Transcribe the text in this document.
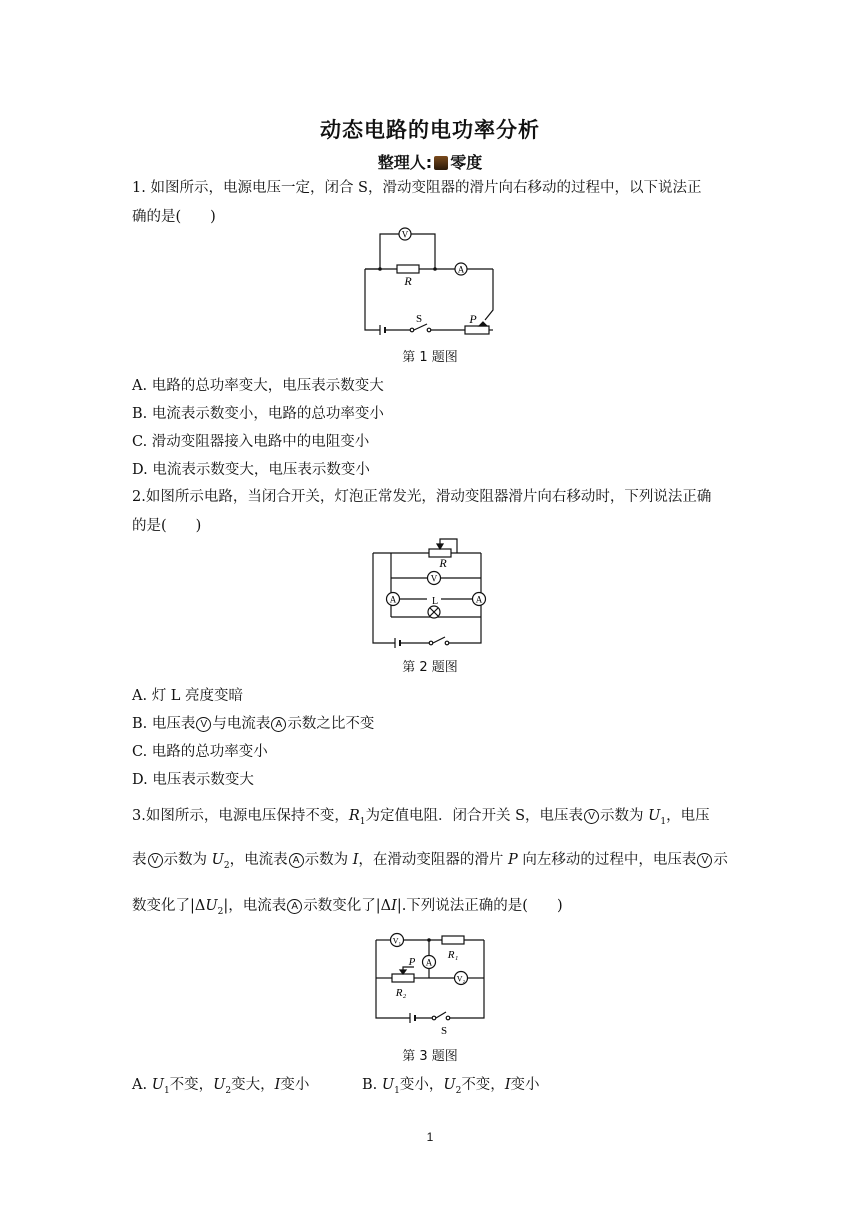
动态电路的电功率分析
整理人: 零度
1. 如图所示，电源电压一定，闭合 S，滑动变阻器的滑片向右移动的过程中，以下说法正
确的是(　　)
V
A
R
S	P
第 1 题图
A. 电路的总功率变大，电压表示数变大
B. 电流表示数变小，电路的总功率变小
C. 滑动变阻器接入电路中的电阻变小
D. 电流表示数变大，电压表示数变小
2.如图所示电路，当闭合开关，灯泡正常发光，滑动变阻器滑片向右移动时，下列说法正确
的是(　　)
V
A	A
R
L
第 2 题图
A. 灯 L 亮度变暗
B. 电压表 V 与电流表 A 示数之比不变
C. 电路的总功率变小
D. 电压表示数变大
3.如图所示，电源电压保持不变，$R_1$为定值电阻．闭合开关 S，电压表 V 示数为 $U_1$，电压
表 V 示数为 $U_2$，电流表 A 示数为 I，在滑动变阻器的滑片 P 向左移动的过程中，电压表 V 示
数变化了$|\Delta U_2|$，电流表 A 示数变化了|ΔI|.下列说法正确的是(　　)
V₁
A
V₂
R₁
R₂
P
S
第 3 题图
A. $U_1$不变，$U_2$变大，I变小	B. $U_1$变小，$U_2$不变，I变小
1
